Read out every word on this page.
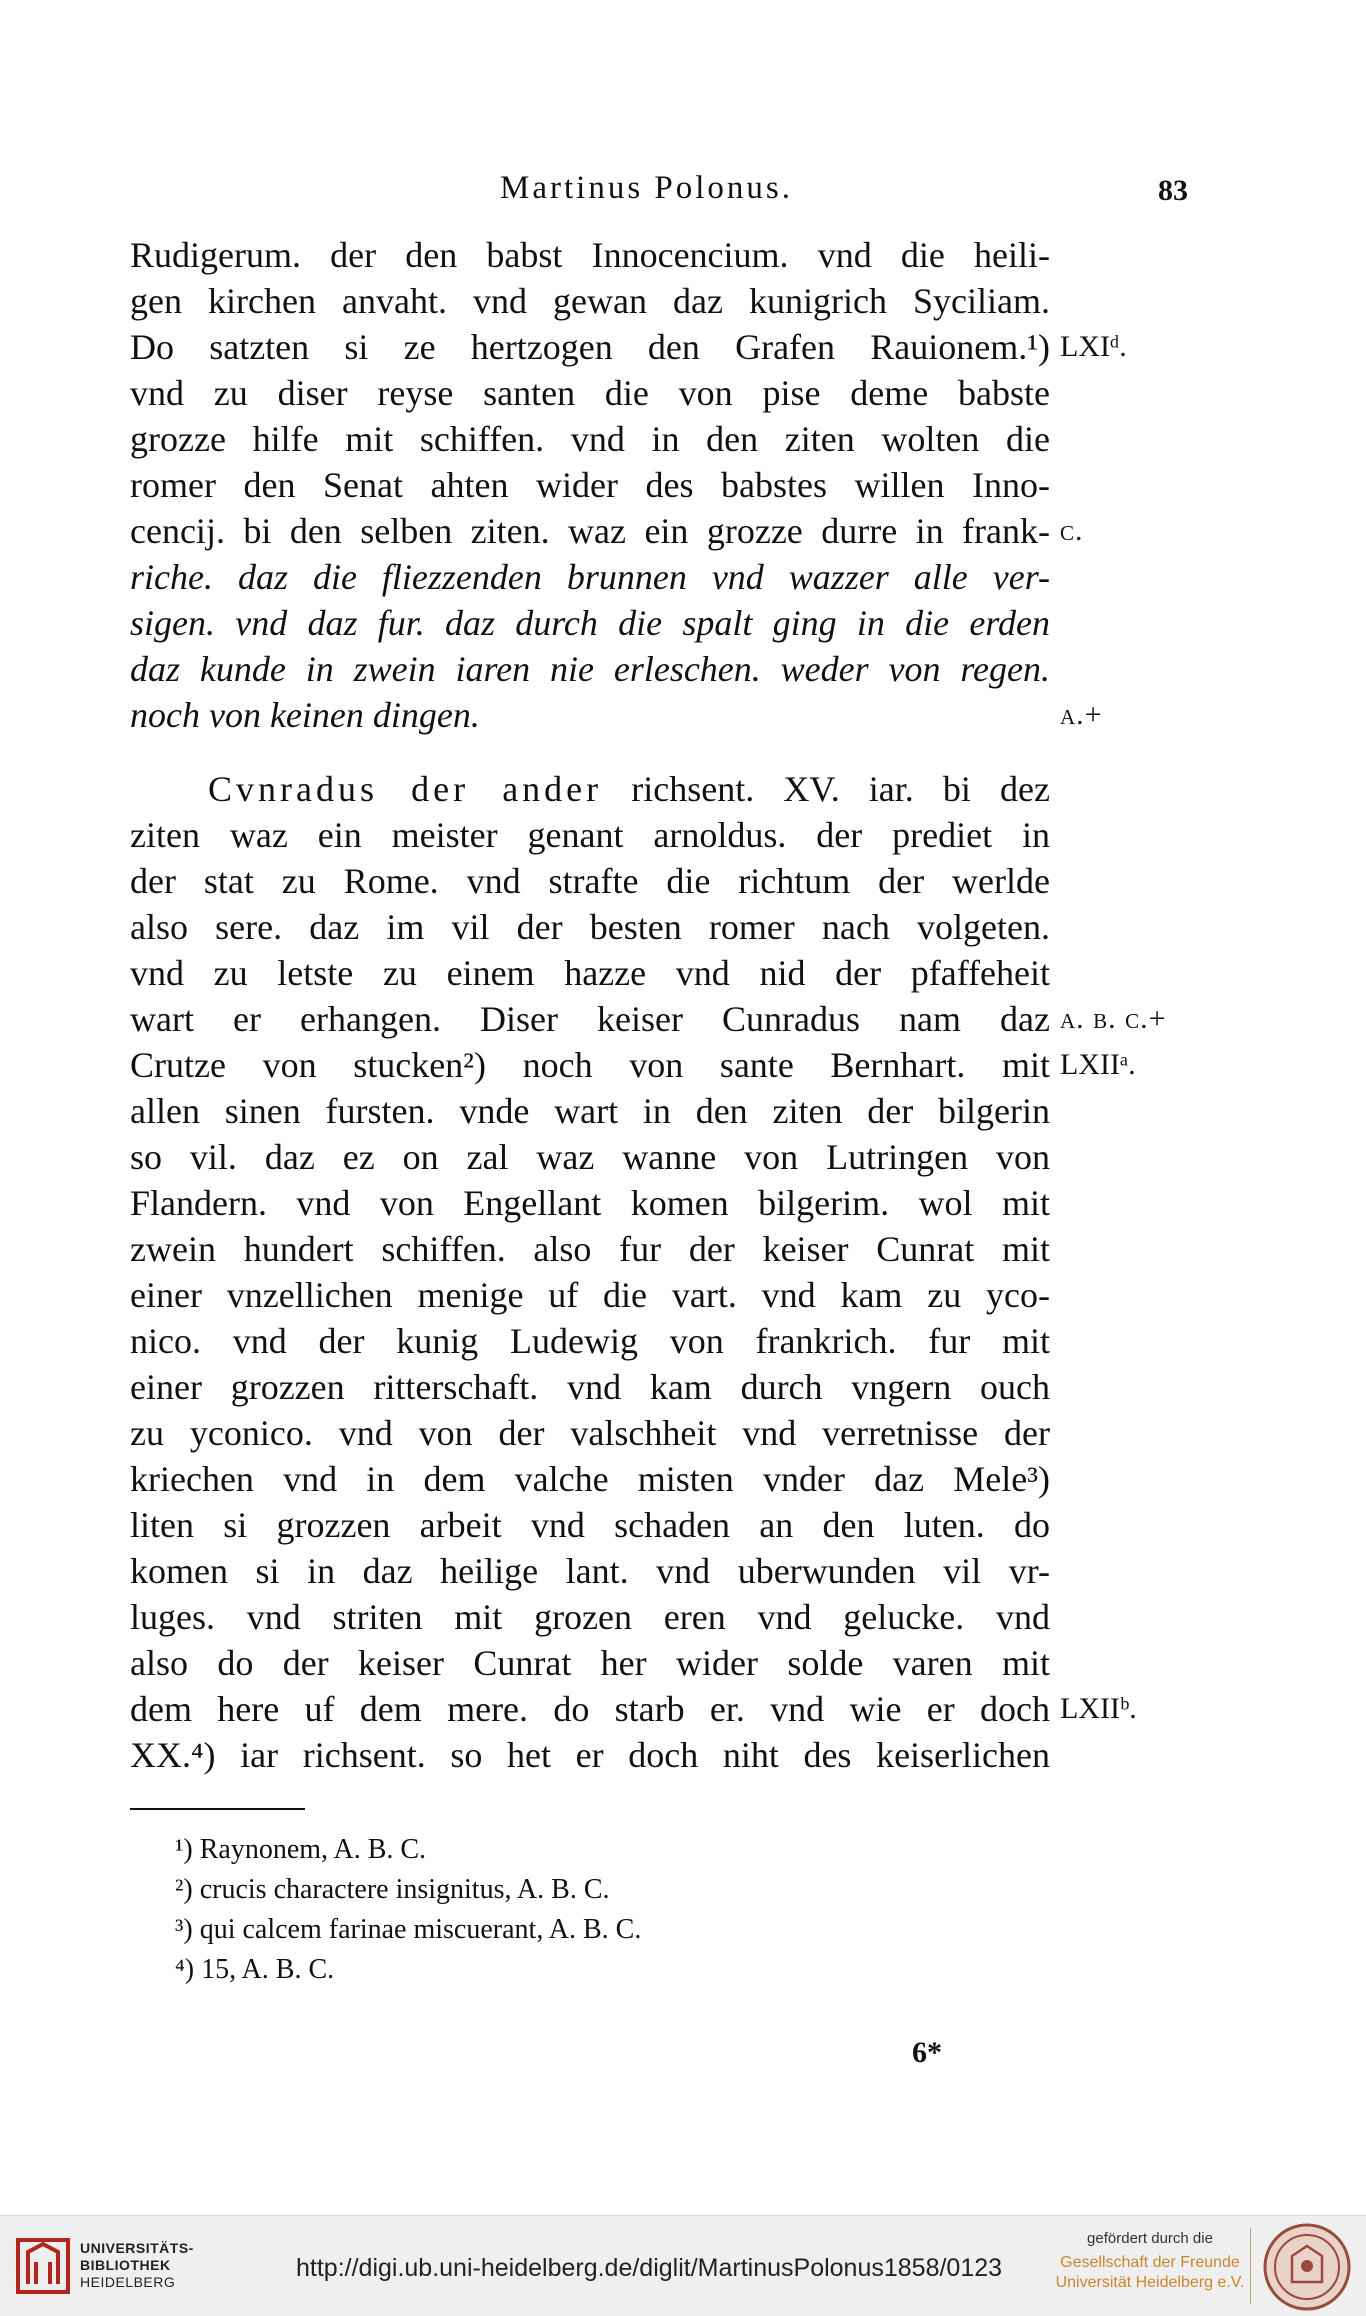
Martinus Polonus.	83
Rudigerum. der den babst Innocencium. vnd die heili-
gen kirchen anvaht. vnd gewan daz kunigrich Syciliam.
Do satzten si ze hertzogen den Grafen Rauionem.¹) LXIᵈ.
vnd zu diser reyse santen die von pise deme babste
grozze hilfe mit schiffen. vnd in den ziten wolten die
romer den Senat ahten wider des babstes willen Inno-
cencij. bi den selben ziten. waz ein grozze durre in frank- c.
riche. daz die fliezzenden brunnen vnd wazzer alle ver-
sigen. vnd daz fur. daz durch die spalt ging in die erden
daz kunde in zwein iaren nie erleschen. weder von regen.
noch von keinen dingen.	a.+
Cvnradus der ander richsent. XV. iar. bi dez
ziten waz ein meister genant arnoldus. der prediet in
der stat zu Rome. vnd strafte die richtum der werlde
also sere. daz im vil der besten romer nach volgeten.
vnd zu letste zu einem hazze vnd nid der pfaffeheit
wart er erhangen. Diser keiser Cunradus nam daz a. b. c.+
Crutze von stucken²) noch von sante Bernhart. mit LXIIᵃ.
allen sinen fursten. vnde wart in den ziten der bilgerin
so vil. daz ez on zal waz wanne von Lutringen von
Flandern. vnd von Engellant komen bilgerim. wol mit
zwein hundert schiffen. also fur der keiser Cunrat mit
einer vnzellichen menige uf die vart. vnd kam zu yco-
nico. vnd der kunig Ludewig von frankrich. fur mit
einer grozzen ritterschaft. vnd kam durch vngern ouch
zu yconico. vnd von der valschheit vnd verretnisse der
kriechen vnd in dem valche misten vnder daz Mele³)
liten si grozzen arbeit vnd schaden an den luten. do
komen si in daz heilige lant. vnd uberwunden vil vr-
luges. vnd striten mit grozen eren vnd gelucke. vnd
also do der keiser Cunrat her wider solde varen mit
dem here uf dem mere. do starb er. vnd wie er doch LXIIᵇ.
XX.⁴) iar richsent. so het er doch niht des keiserlichen
¹) Raynonem, A. B. C.
²) crucis charactere insignitus, A. B. C.
³) qui calcem farinae miscuerant, A. B. C.
⁴) 15, A. B. C.
6*
UNIVERSITÄTS-
BIBLIOTHEK
HEIDELBERG	http://digi.ub.uni-heidelberg.de/diglit/MartinusPolonus1858/0123
gefördert durch die
Gesellschaft der Freunde
Universität Heidelberg e.V.
